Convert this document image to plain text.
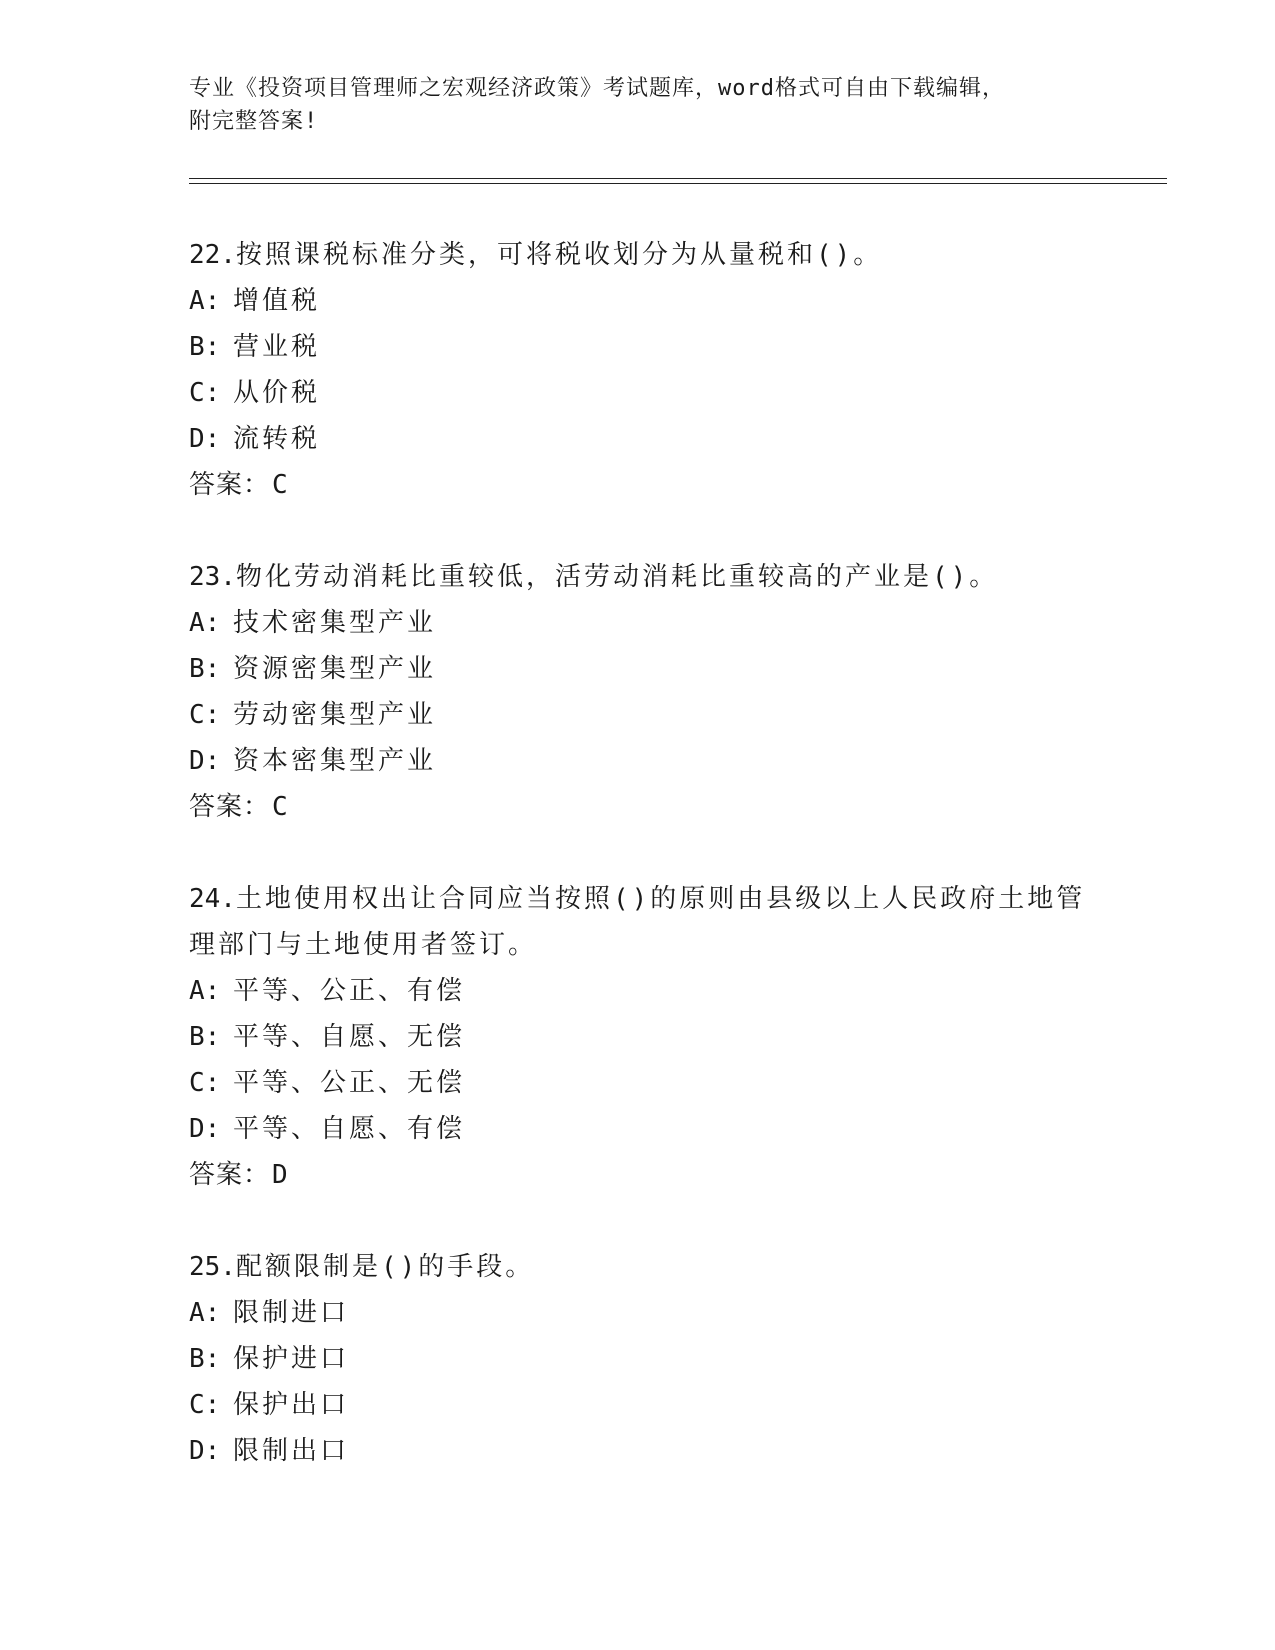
专业《投资项目管理师之宏观经济政策》考试题库，word格式可自由下载编辑，
附完整答案!
22.按照课税标准分类，可将税收划分为从量税和()。
A: 增值税
B: 营业税
C: 从价税
D: 流转税
答案：C
23.物化劳动消耗比重较低，活劳动消耗比重较高的产业是()。
A: 技术密集型产业
B: 资源密集型产业
C: 劳动密集型产业
D: 资本密集型产业
答案：C
24.土地使用权出让合同应当按照()的原则由县级以上人民政府土地管理部门与土地使用者签订。
A: 平等、公正、有偿
B: 平等、自愿、无偿
C: 平等、公正、无偿
D: 平等、自愿、有偿
答案：D
25.配额限制是()的手段。
A: 限制进口
B: 保护进口
C: 保护出口
D: 限制出口
